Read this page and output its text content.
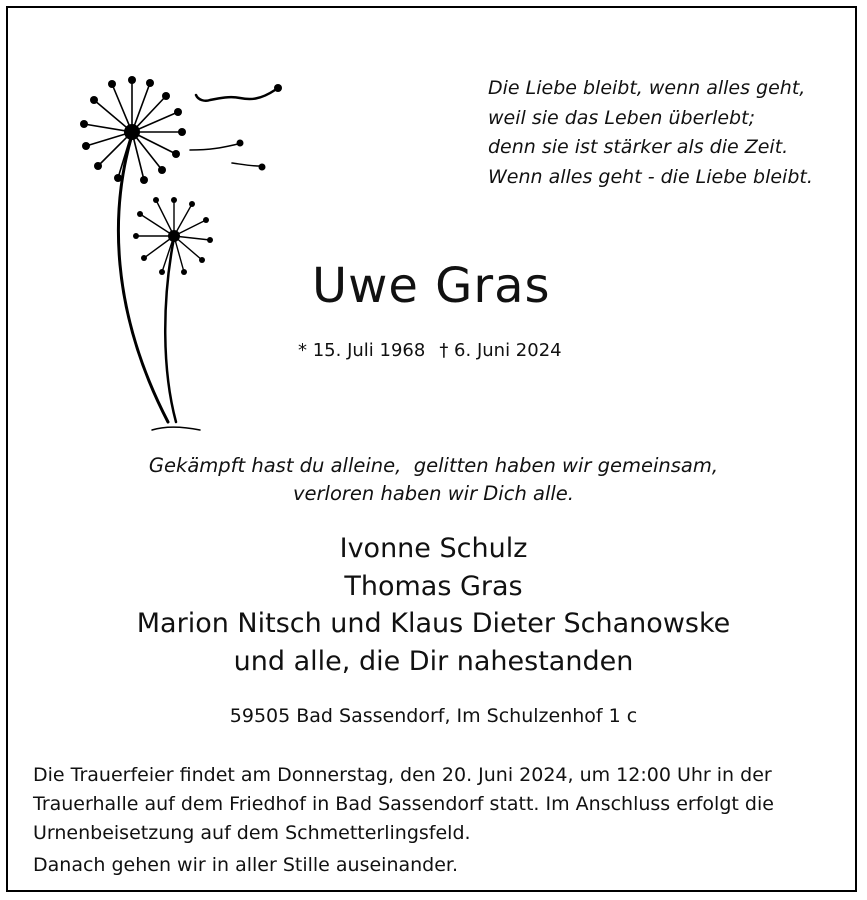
Die Liebe bleibt, wenn alles geht,
weil sie das Leben überlebt;
denn sie ist stärker als die Zeit.
Wenn alles geht - die Liebe bleibt.
Uwe Gras
* 15. Juli 1968 † 6. Juni 2024
Gekämpft hast du alleine,  gelitten haben wir gemeinsam,
verloren haben wir Dich alle.
Ivonne Schulz
Thomas Gras
Marion Nitsch und Klaus Dieter Schanowske
und alle, die Dir nahestanden
59505 Bad Sassendorf, Im Schulzenhof 1 c
Die Trauerfeier findet am Donnerstag, den 20. Juni 2024, um 12:00 Uhr in der
Trauerhalle auf dem Friedhof in Bad Sassendorf statt. Im Anschluss erfolgt die
Urnenbeisetzung auf dem Schmetterlingsfeld.
Danach gehen wir in aller Stille auseinander.
